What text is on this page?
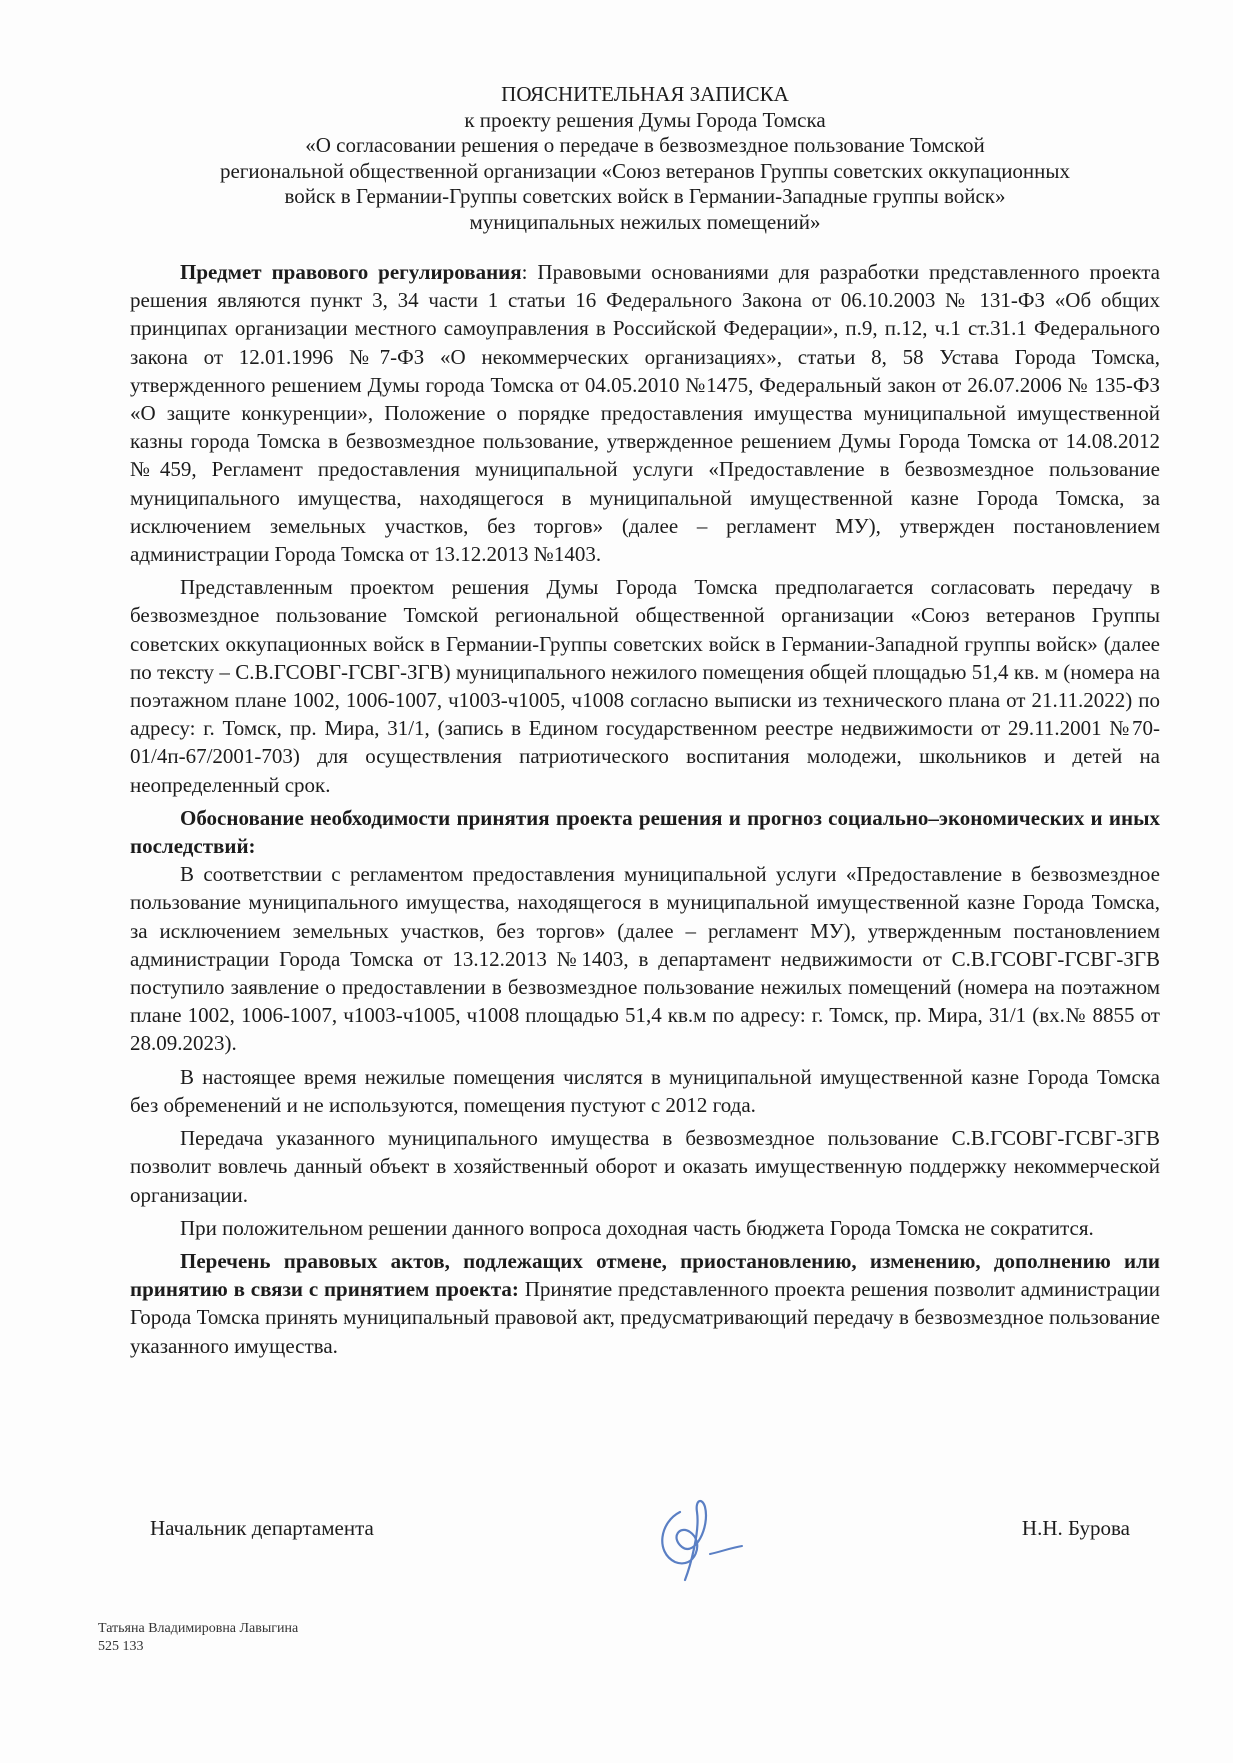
ПОЯСНИТЕЛЬНАЯ ЗАПИСКА
к проекту решения Думы Города Томска
«О согласовании решения о передаче в безвозмездное пользование Томской
региональной общественной организации «Союз ветеранов Группы советских оккупационных
войск в Германии-Группы советских войск в Германии-Западные группы войск»
муниципальных нежилых помещений»

Предмет правового регулирования: Правовыми основаниями для разработки представленного проекта решения являются пункт 3, 34 части 1 статьи 16 Федерального Закона от 06.10.2003 № 131-ФЗ «Об общих принципах организации местного самоуправления в Российской Федерации», п.9, п.12, ч.1 ст.31.1 Федерального закона от 12.01.1996 №7-ФЗ «О некоммерческих организациях», статьи 8, 58 Устава Города Томска, утвержденного решением Думы города Томска от 04.05.2010 №1475, Федеральный закон от 26.07.2006 № 135-ФЗ «О защите конкуренции», Положение о порядке предоставления имущества муниципальной имущественной казны города Томска в безвозмездное пользование, утвержденное решением Думы Города Томска от 14.08.2012 №459, Регламент предоставления муниципальной услуги «Предоставление в безвозмездное пользование муниципального имущества, находящегося в муниципальной имущественной казне Города Томска, за исключением земельных участков, без торгов» (далее – регламент МУ), утвержден постановлением администрации Города Томска от 13.12.2013 №1403.

Представленным проектом решения Думы Города Томска предполагается согласовать передачу в безвозмездное пользование Томской региональной общественной организации «Союз ветеранов Группы советских оккупационных войск в Германии-Группы советских войск в Германии-Западной группы войск» (далее по тексту – С.В.ГСОВГ-ГСВГ-ЗГВ) муниципального нежилого помещения общей площадью 51,4 кв. м (номера на поэтажном плане 1002, 1006-1007, ч1003-ч1005, ч1008 согласно выписки из технического плана от 21.11.2022) по адресу: г. Томск, пр. Мира, 31/1, (запись в Едином государственном реестре недвижимости от 29.11.2001 №70-01/4п-67/2001-703) для осуществления патриотического воспитания молодежи, школьников и детей на неопределенный срок.

Обоснование необходимости принятия проекта решения и прогноз социально–экономических и иных последствий:

В соответствии с регламентом предоставления муниципальной услуги «Предоставление в безвозмездное пользование муниципального имущества, находящегося в муниципальной имущественной казне Города Томска, за исключением земельных участков, без торгов» (далее – регламент МУ), утвержденным постановлением администрации Города Томска от 13.12.2013 №1403, в департамент недвижимости от С.В.ГСОВГ-ГСВГ-ЗГВ поступило заявление о предоставлении в безвозмездное пользование нежилых помещений (номера на поэтажном плане 1002, 1006-1007, ч1003-ч1005, ч1008 площадью 51,4 кв.м по адресу: г. Томск, пр. Мира, 31/1 (вх.№ 8855 от 28.09.2023).

В настоящее время нежилые помещения числятся в муниципальной имущественной казне Города Томска без обременений и не используются, помещения пустуют с 2012 года.

Передача указанного муниципального имущества в безвозмездное пользование С.В.ГСОВГ-ГСВГ-ЗГВ позволит вовлечь данный объект в хозяйственный оборот и оказать имущественную поддержку некоммерческой организации.

При положительном решении данного вопроса доходная часть бюджета Города Томска не сократится.

Перечень правовых актов, подлежащих отмене, приостановлению, изменению, дополнению или принятию в связи с принятием проекта: Принятие представленного проекта решения позволит администрации Города Томска принять муниципальный правовой акт, предусматривающий передачу в безвозмездное пользование указанного имущества.

Начальник департамента	Н.Н. Бурова
Татьяна Владимировна Лавыгина
525 133
